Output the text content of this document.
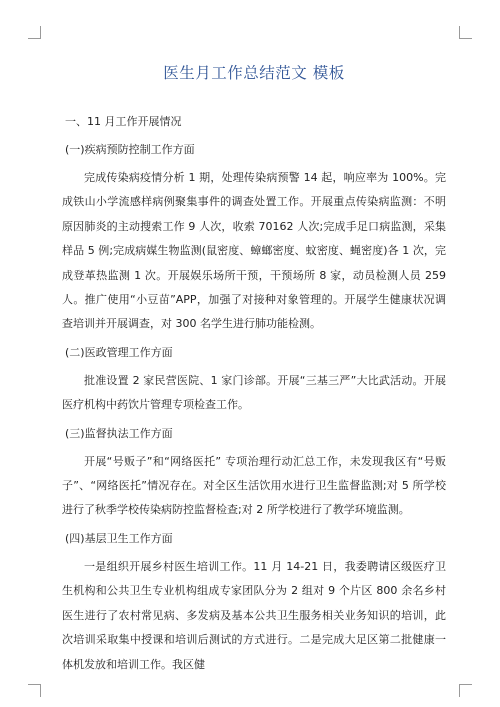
医生月工作总结范文 模板

一、11 月工作开展情况

(一)疾病预防控制工作方面

完成传染病疫情分析 1 期，处理传染病预警 14 起，响应率为 100%。完成铁山小学流感样病例聚集事件的调查处置工作。开展重点传染病监测：不明原因肺炎的主动搜索工作 9 人次，收索 70162 人次;完成手足口病监测，采集样品 5 例;完成病媒生物监测(鼠密度、蟑螂密度、蚊密度、蝇密度)各 1 次，完成登革热监测 1 次。开展娱乐场所干预，干预场所 8 家，动员检测人员 259 人。推广使用“小豆苗”APP，加强了对接种对象管理的。开展学生健康状况调查培训并开展调查，对 300 名学生进行肺功能检测。

(二)医政管理工作方面

批准设置 2 家民营医院、1 家门诊部。开展“三基三严”大比武活动。开展医疗机构中药饮片管理专项检查工作。

(三)监督执法工作方面

开展“号贩子”和“网络医托” 专项治理行动汇总工作，未发现我区有“号贩子”、“网络医托”情况存在。对全区生活饮用水进行卫生监督监测;对 5 所学校进行了秋季学校传染病防控监督检查;对 2 所学校进行了教学环境监测。

(四)基层卫生工作方面

一是组织开展乡村医生培训工作。11 月 14-21 日，我委聘请区级医疗卫生机构和公共卫生专业机构组成专家团队分为 2 组对 9 个片区 800 余名乡村医生进行了农村常见病、多发病及基本公共卫生服务相关业务知识的培训，此次培训采取集中授课和培训后测试的方式进行。二是完成大足区第二批健康一体机发放和培训工作。我区健
